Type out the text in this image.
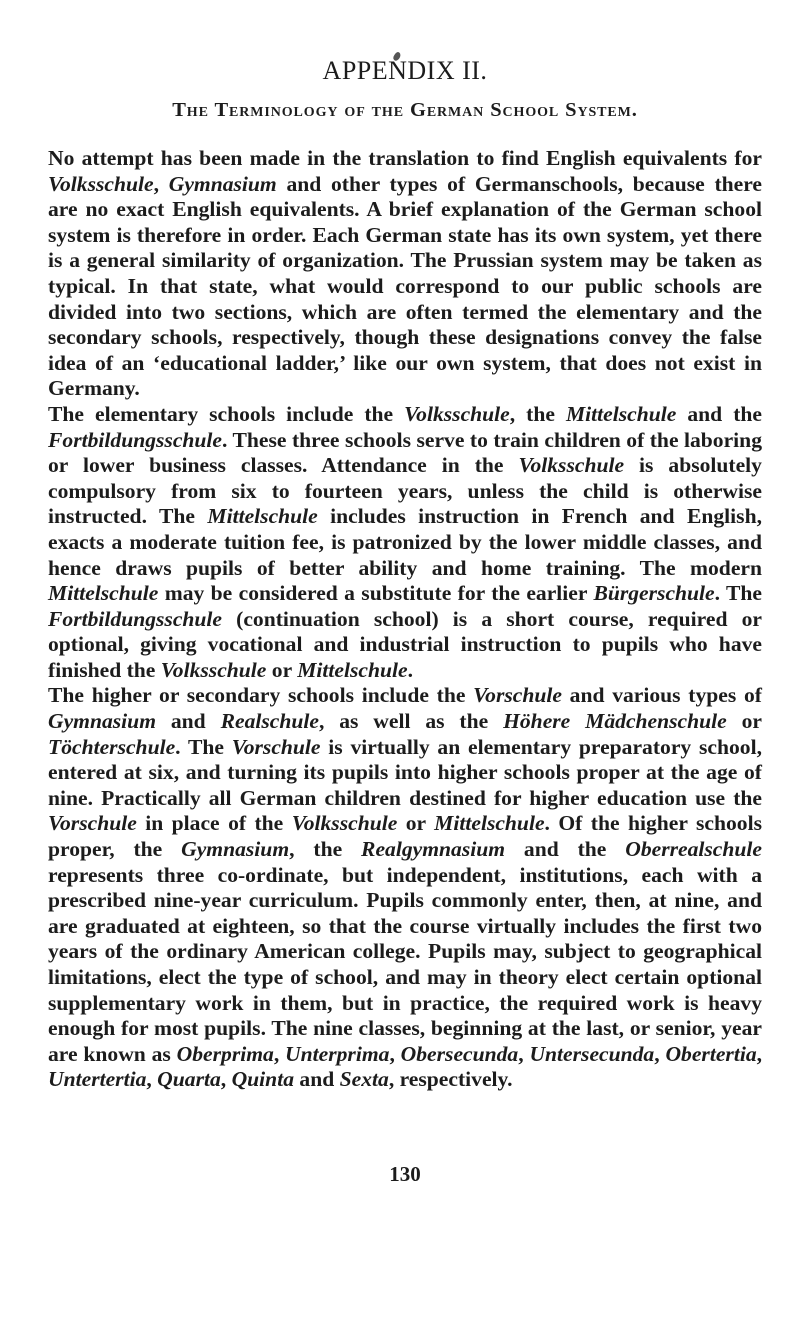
APPENDIX II.
The Terminology of the German School System.

No attempt has been made in the translation to find English equivalents for Volksschule, Gymnasium and other types of Germanschools, because there are no exact English equivalents. A brief explanation of the German school system is therefore in order. Each German state has its own system, yet there is a general similarity of organization. The Prussian system may be taken as typical. In that state, what would correspond to our public schools are divided into two sections, which are often termed the elementary and the secondary schools, respectively, though these designations convey the false idea of an ‘educational ladder,’ like our own system, that does not exist in Germany.

The elementary schools include the Volksschule, the Mittelschule and the Fortbildungsschule. These three schools serve to train children of the laboring or lower business classes. Attendance in the Volksschule is absolutely compulsory from six to fourteen years, unless the child is otherwise instructed. The Mittelschule includes instruction in French and English, exacts a moderate tuition fee, is patronized by the lower middle classes, and hence draws pupils of better ability and home training. The modern Mittelschule may be considered a substitute for the earlier Bürgerschule. The Fortbildungsschule (continuation school) is a short course, required or optional, giving vocational and industrial instruction to pupils who have finished the Volksschule or Mittelschule.

The higher or secondary schools include the Vorschule and various types of Gymnasium and Realschule, as well as the Höhere Mädchenschule or Töchterschule. The Vorschule is virtually an elementary preparatory school, entered at six, and turning its pupils into higher schools proper at the age of nine. Practically all German children destined for higher education use the Vorschule in place of the Volksschule or Mittelschule. Of the higher schools proper, the Gymnasium, the Realgymnasium and the Oberrealschule represents three co-ordinate, but independent, institutions, each with a prescribed nine-year curriculum. Pupils commonly enter, then, at nine, and are graduated at eighteen, so that the course virtually includes the first two years of the ordinary American college. Pupils may, subject to geographical limitations, elect the type of school, and may in theory elect certain optional supplementary work in them, but in practice, the required work is heavy enough for most pupils. The nine classes, beginning at the last, or senior, year are known as Oberprima, Unterprima, Obersecunda, Untersecunda, Obertertia, Untertertia, Quarta, Quinta and Sexta, respectively.

130
